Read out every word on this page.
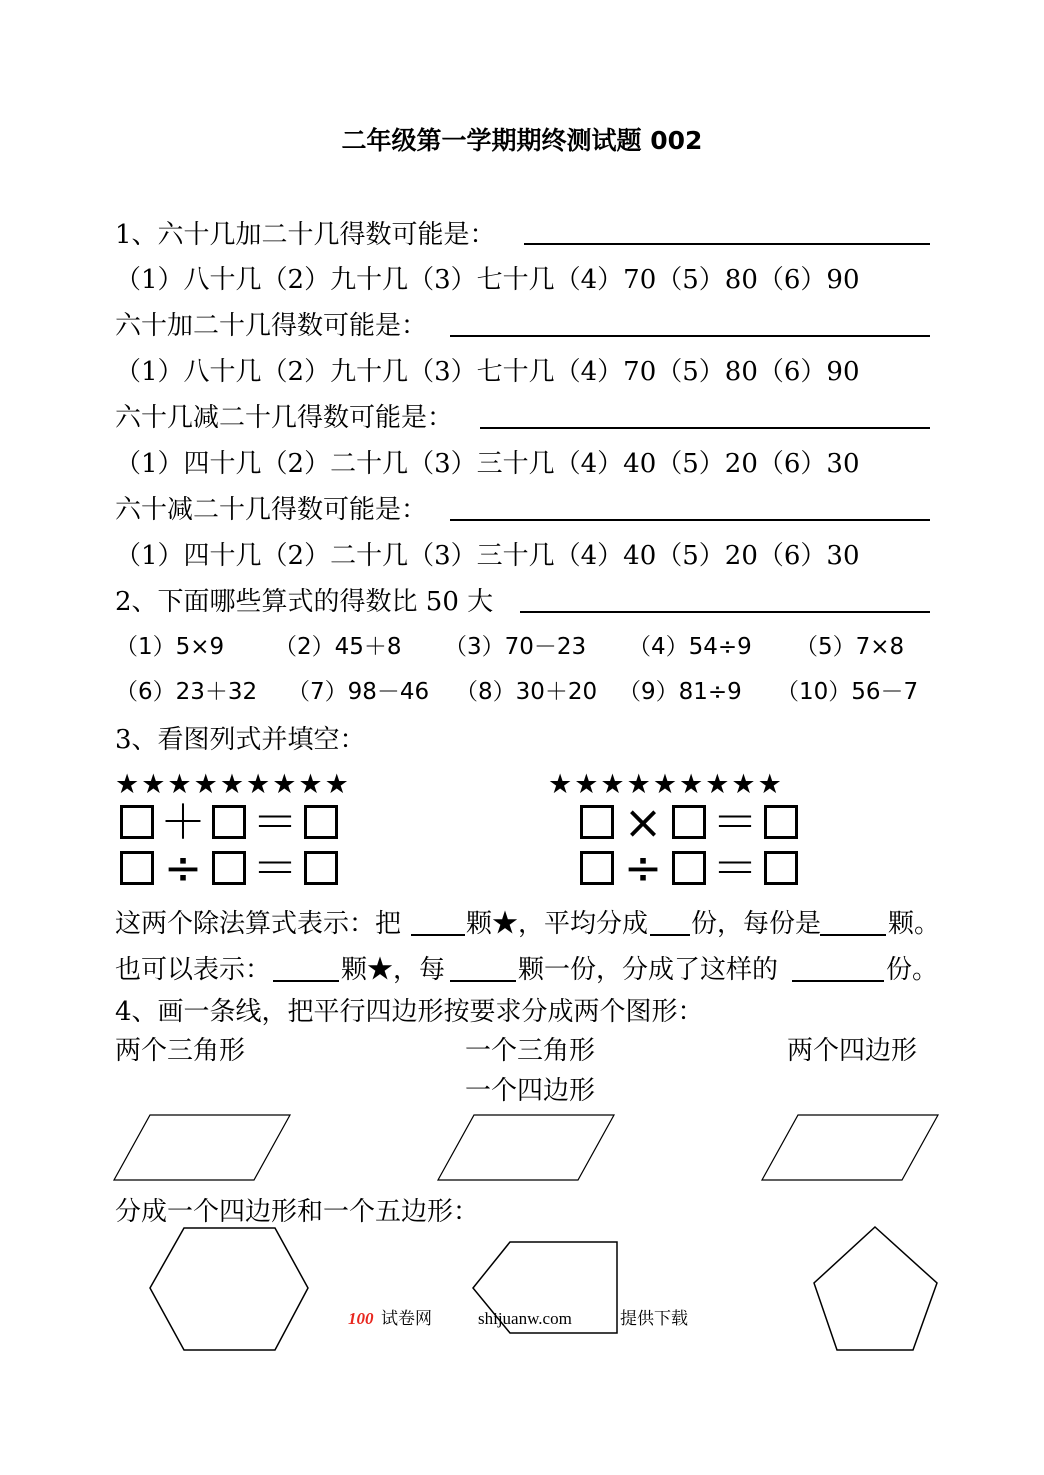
二年级第一学期期终测试题 002
1、六十几加二十几得数可能是：
（1）八十几（2）九十几（3）七十几（4）70（5）80（6）90
六十加二十几得数可能是：
（1）八十几（2）九十几（3）七十几（4）70（5）80（6）90
六十几减二十几得数可能是：
（1）四十几（2）二十几（3）三十几（4）40（5）20（6）30
六十减二十几得数可能是：
（1）四十几（2）二十几（3）三十几（4）40（5）20（6）30
2、下面哪些算式的得数比 50 大
（1）5×9 （2）45＋8 （3）70－23 （4）54÷9 （5）7×8
（6）23＋32 （7）98－46 （8）30＋20 （9）81÷9 （10）56－7
3、看图列式并填空：
★★★★★★★★★	★★★★★★★★★
＋ ＝
÷ ＝
× ＝
÷ ＝
这两个除法算式表示：把 颗★，平均分成 份，每份是	颗。
也可以表示：	颗★，每	颗一份，分成了这样的	份。
4、画一条线，把平行四边形按要求分成两个图形：
两个三角形	一个三角形
一个四边形
两个四边形
分成一个四边形和一个五边形：
100 试卷网	shijuanw.com	提供下载
